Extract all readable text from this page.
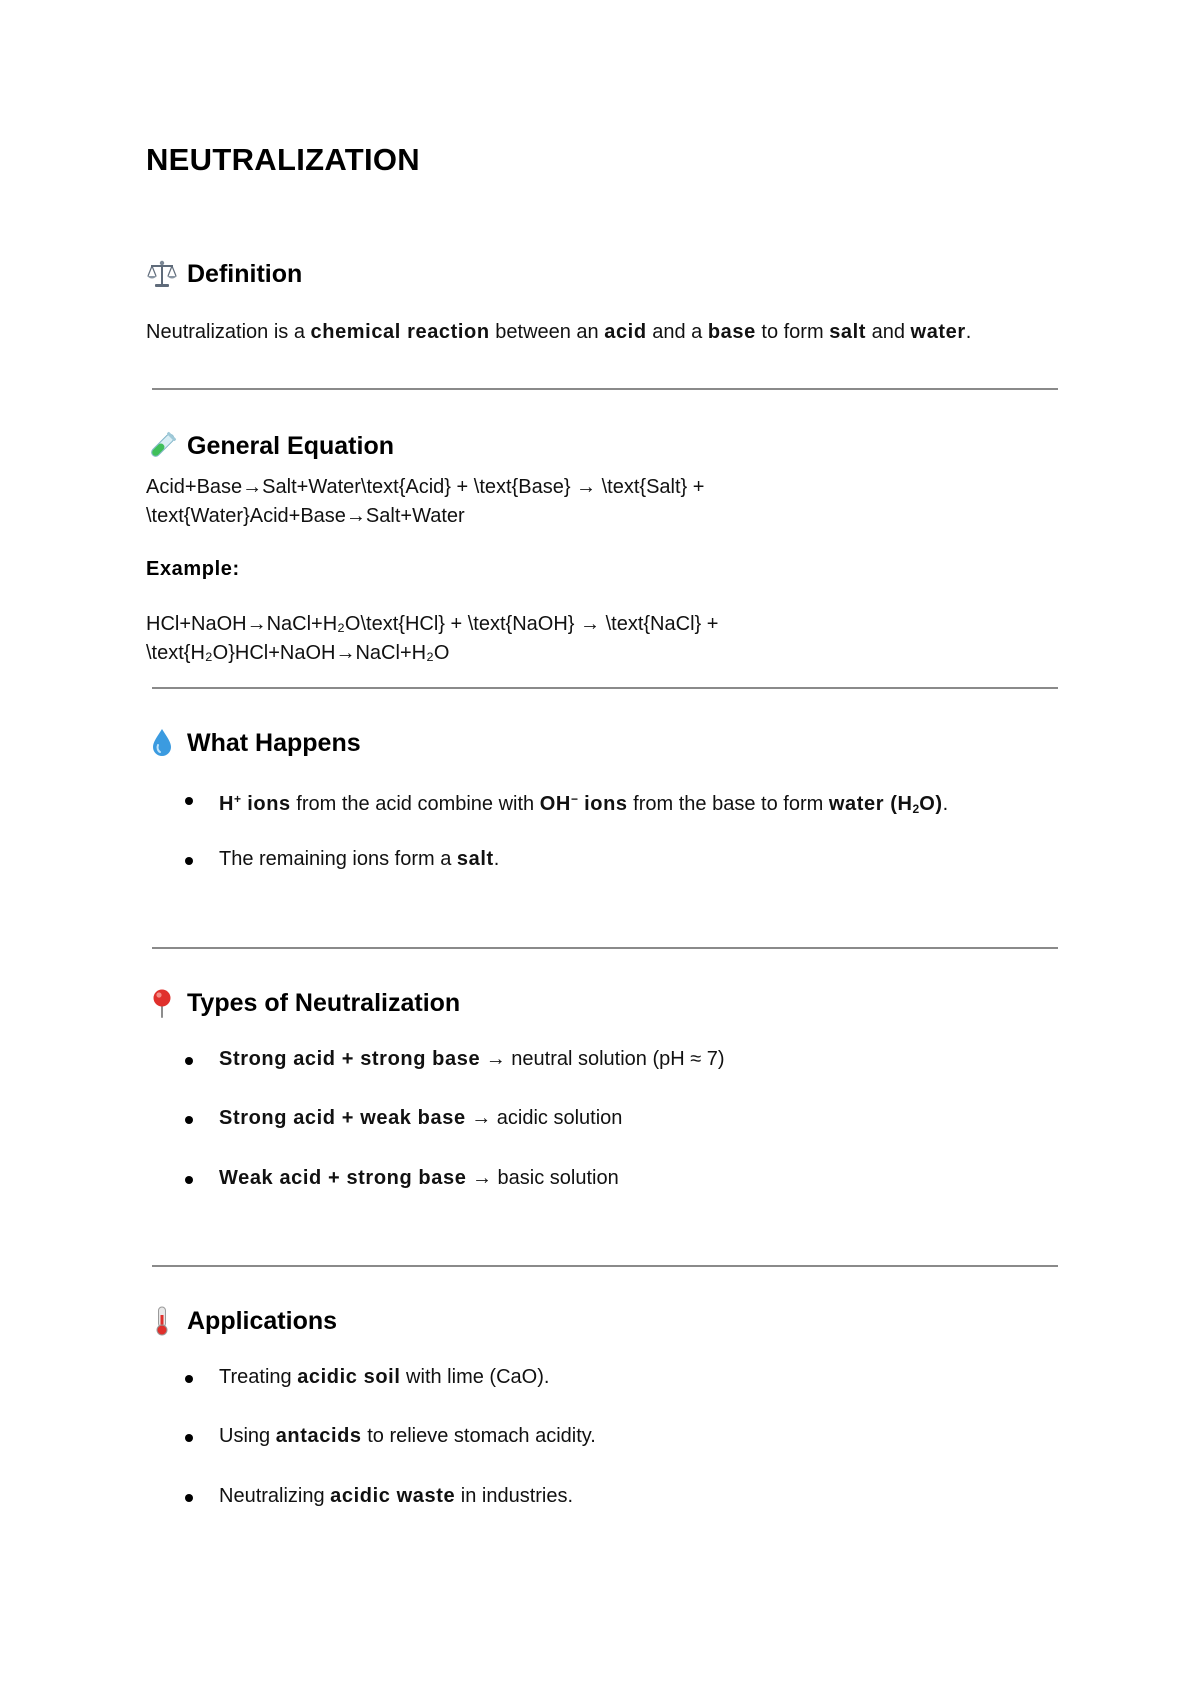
NEUTRALIZATION
Definition

Neutralization is a chemical reaction between an acid and a base to form salt and water.

General Equation
Acid+Base→Salt+Water\text{Acid} + \text{Base} → \text{Salt} +
\text{Water}Acid+Base→Salt+Water
Example:
HCl+NaOH→NaCl+H₂O\text{HCl} + \text{NaOH} → \text{NaCl} +
\text{H₂O}HCl+NaOH→NaCl+H₂O
What Happens
H+ ions from the acid combine with OH− ions from the base to form water $(H_2O)$.
The remaining ions form a salt.
Types of Neutralization
Strong acid + strong base → neutral solution (pH ≈ 7)
Strong acid + weak base → acidic solution
Weak acid + strong base → basic solution
Applications
Treating acidic soil with lime (CaO).
Using antacids to relieve stomach acidity.
Neutralizing acidic waste in industries.
